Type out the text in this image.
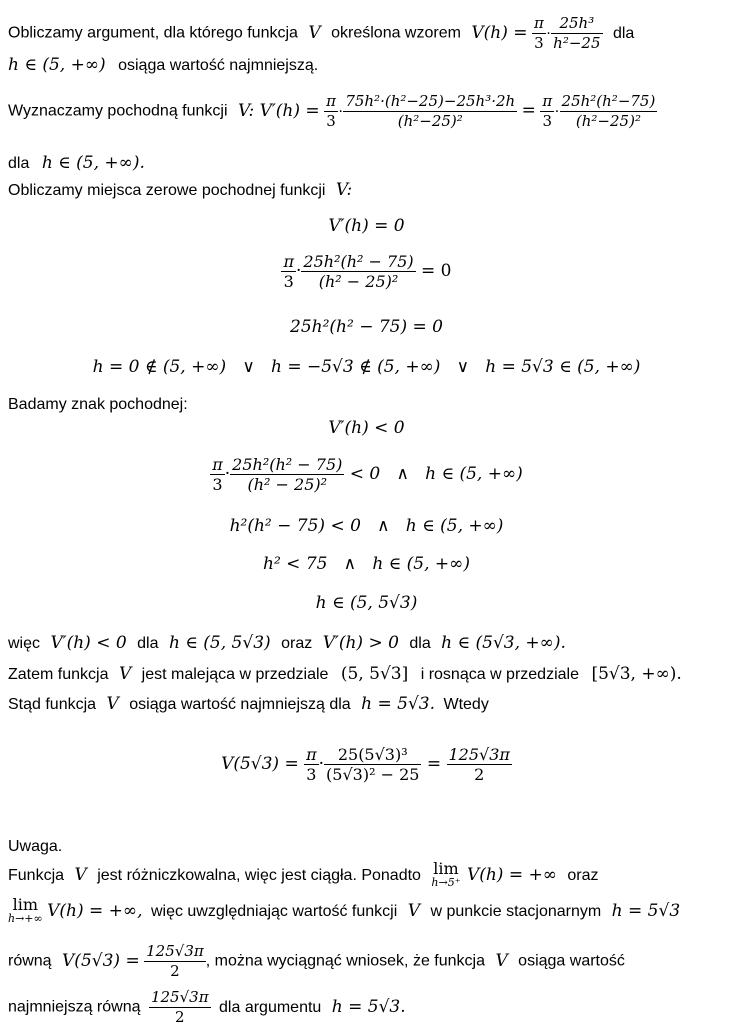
Obliczamy argument, dla którego funkcja V określona wzorem $V(h) = \frac{\pi}{3} \cdot \frac{\text{25h³}}{\text{h²−25}}$ dla
h ∈ (5, +∞) osiąga wartość najmniejszą.
Wyznaczamy pochodną funkcji V: $V'(h) = \frac{\pi}{3} \cdot \frac{\text{75h²·(h²−25)−25h³·2h}}{\text{(h²−25)²}} = \frac{\pi}{3} \cdot \frac{\text{25h²(h²−75)}}{\text{(h²−25)²}}$
dla h ∈ (5, +∞).
Obliczamy miejsca zerowe pochodnej funkcji V:
V′(h) = 0
$\frac{\pi}{3} \cdot \frac{\text{25h²(h² − 75)}}{\text{(h² − 25)²}} = 0$
25h²(h² − 75) = 0
h = 0 ∉ (5, +∞)   ∨   h = −5√3 ∉ (5, +∞)   ∨   h = 5√3 ∈ (5, +∞)
Badamy znak pochodnej:
V′(h) < 0
$\frac{\pi}{3} \cdot \frac{\text{25h²(h² − 75)}}{\text{(h² − 25)²}} < 0$   ∧   h ∈ (5, +∞)
h²(h² − 75) < 0   ∧   h ∈ (5, +∞)
h² < 75   ∧   h ∈ (5, +∞)
h ∈ (5, 5√3)
więc V′(h) < 0 dla h ∈ (5, 5√3) oraz V′(h) > 0 dla h ∈ (5√3, +∞).
Zatem funkcja V jest malejąca w przedziale (5, 5√3] i rosnąca w przedziale [5√3, +∞).
Stąd funkcja V osiąga wartość najmniejszą dla h = 5√3. Wtedy
$V(5√3) = \frac{\pi}{3} \cdot \frac{\text{25(5√3)³}}{\text{(5√3)² − 25}} = \frac{125√3\pi}{2}$
Uwaga.
Funkcja V jest różniczkowalna, więc jest ciągła. Ponadto lim
h→5⁺ V(h) = +∞ oraz
lim
h→+∞ V(h) = +∞, więc uwzględniając wartość funkcji V w punkcie stacjonarnym h = 5√3
równą $V(5√3) = \frac{125√3\pi}{2}$ , można wyciągnąć wniosek, że funkcja V osiąga wartość
najmniejszą równą $\frac{125√3\pi}{2}$ dla argumentu h = 5√3.
